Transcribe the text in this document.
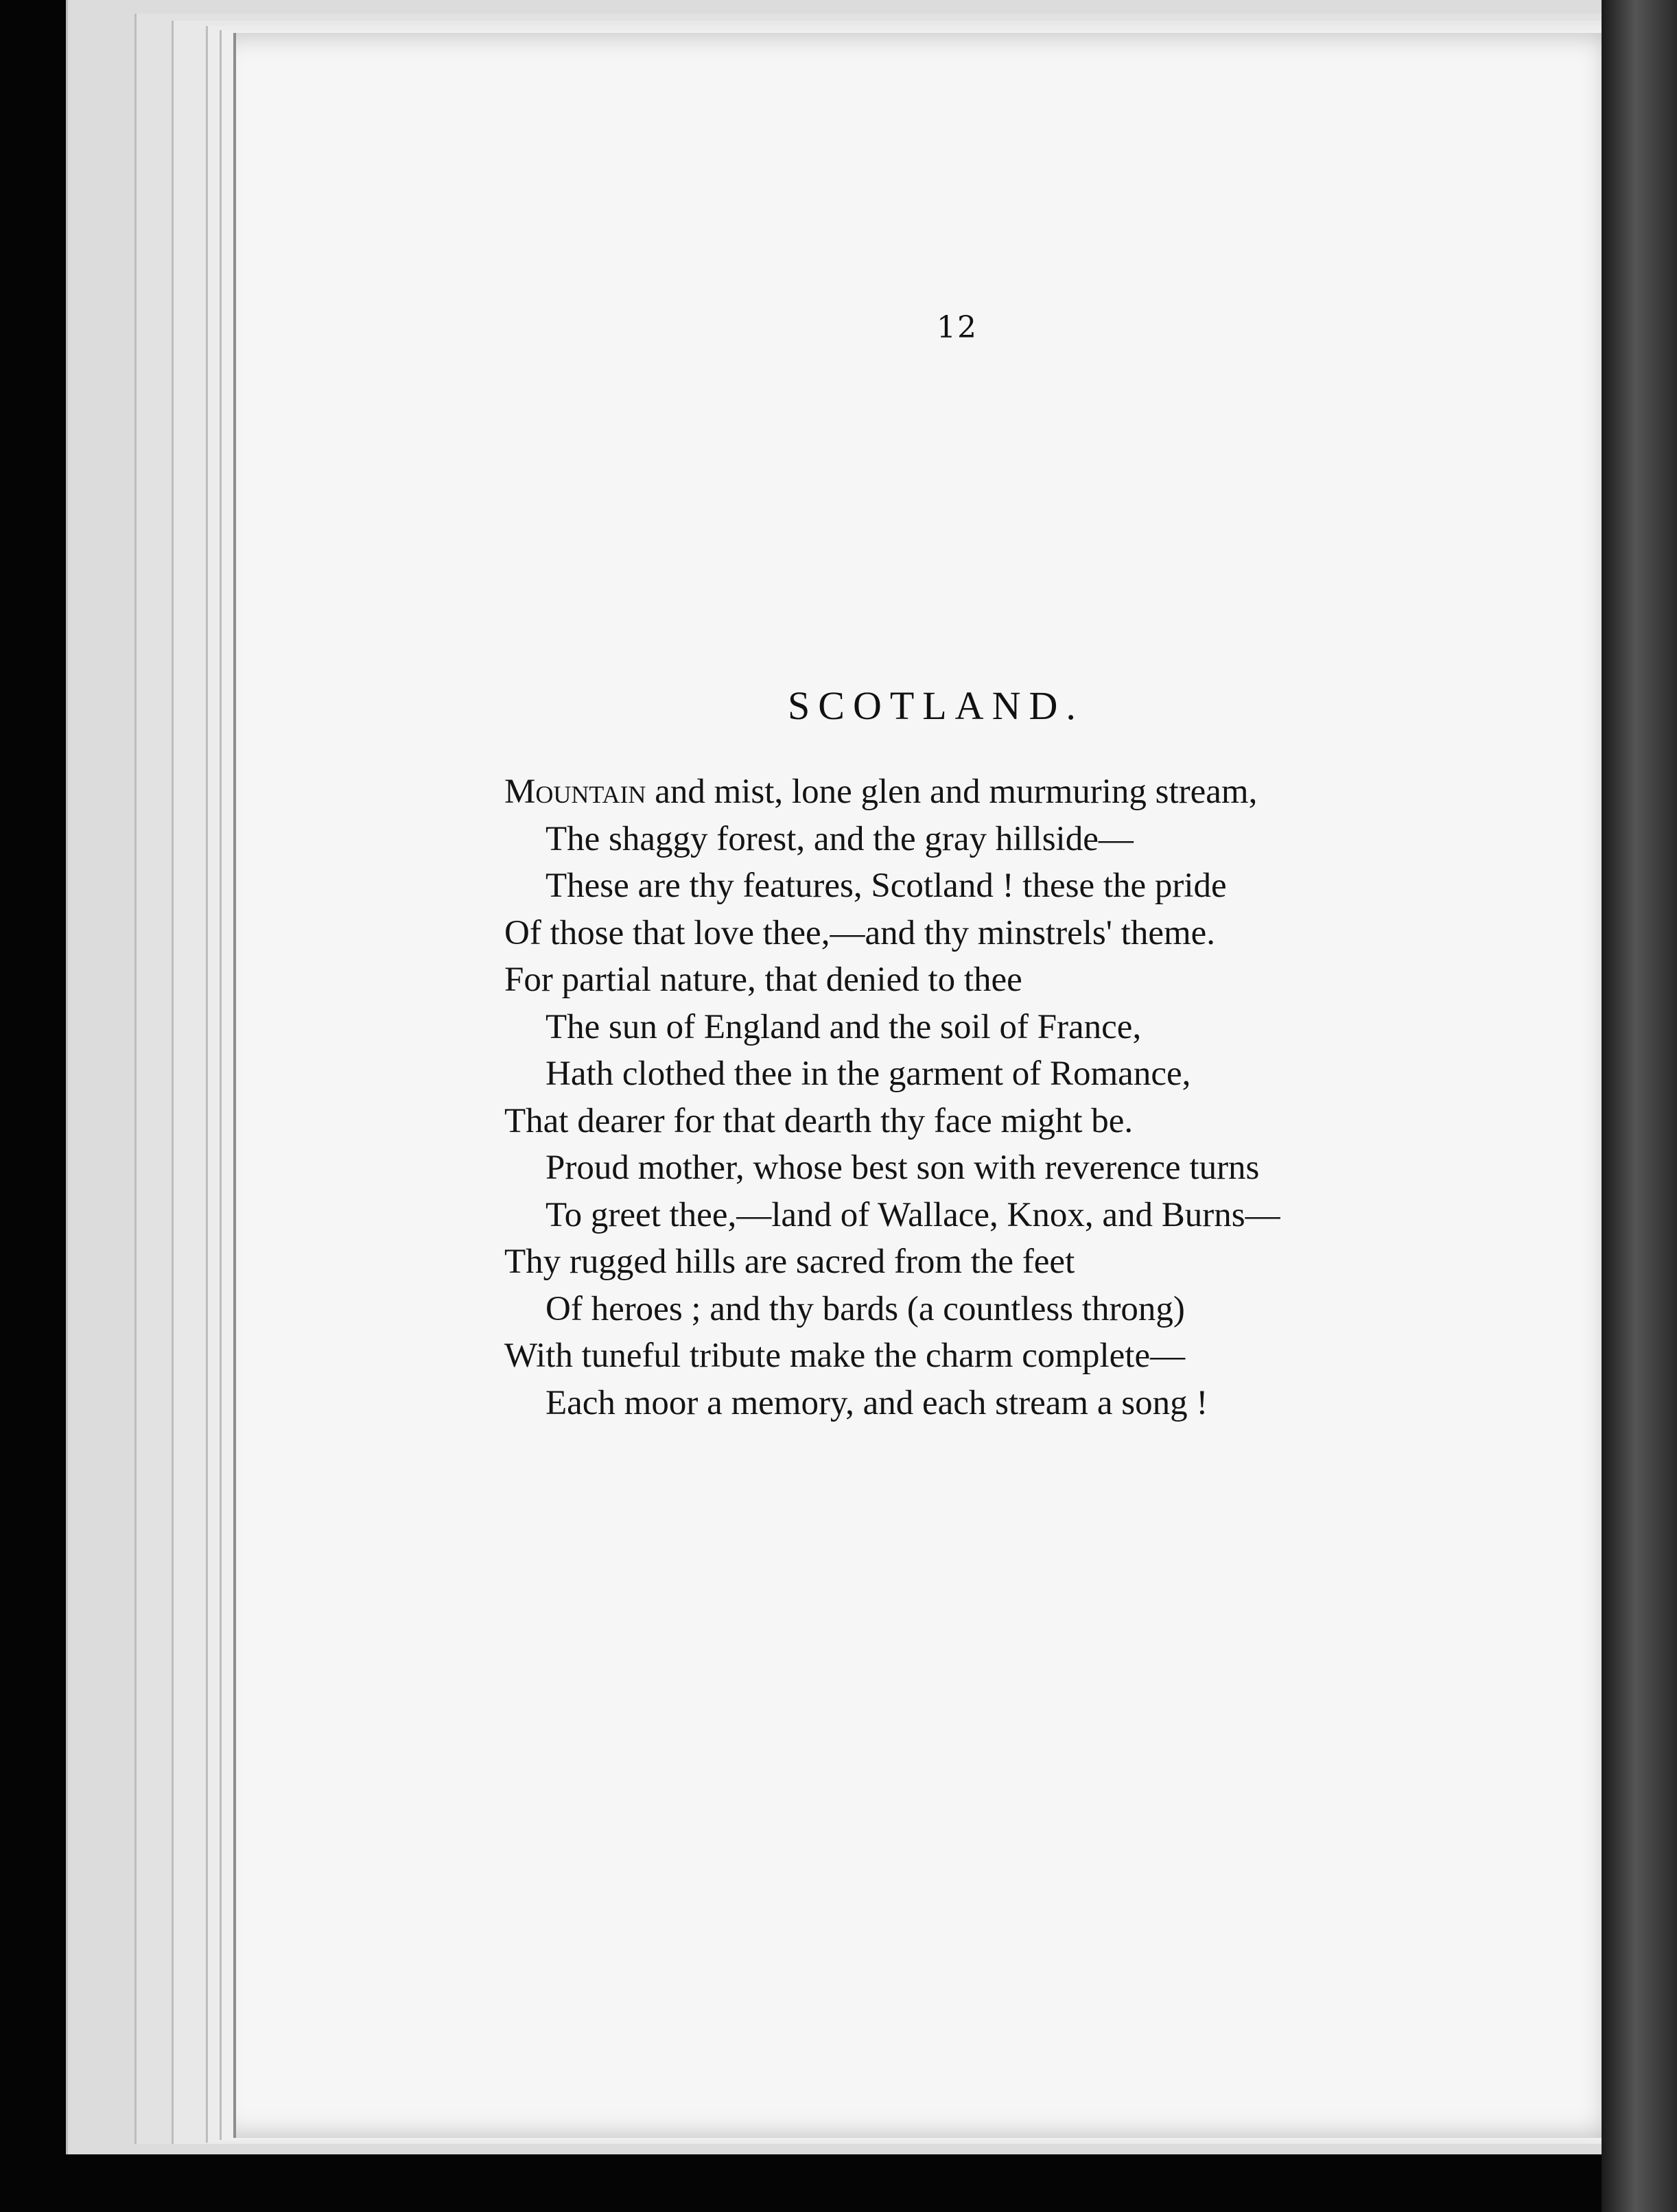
12
SCOTLAND.
Mountain and mist, lone glen and murmuring stream,
The shaggy forest, and the gray hillside—
These are thy features, Scotland ! these the pride
Of those that love thee,—and thy minstrels' theme.
For partial nature, that denied to thee
The sun of England and the soil of France,
Hath clothed thee in the garment of Romance,
That dearer for that dearth thy face might be.
Proud mother, whose best son with reverence turns
To greet thee,—land of Wallace, Knox, and Burns—
Thy rugged hills are sacred from the feet
Of heroes ; and thy bards (a countless throng)
With tuneful tribute make the charm complete—
Each moor a memory, and each stream a song !
